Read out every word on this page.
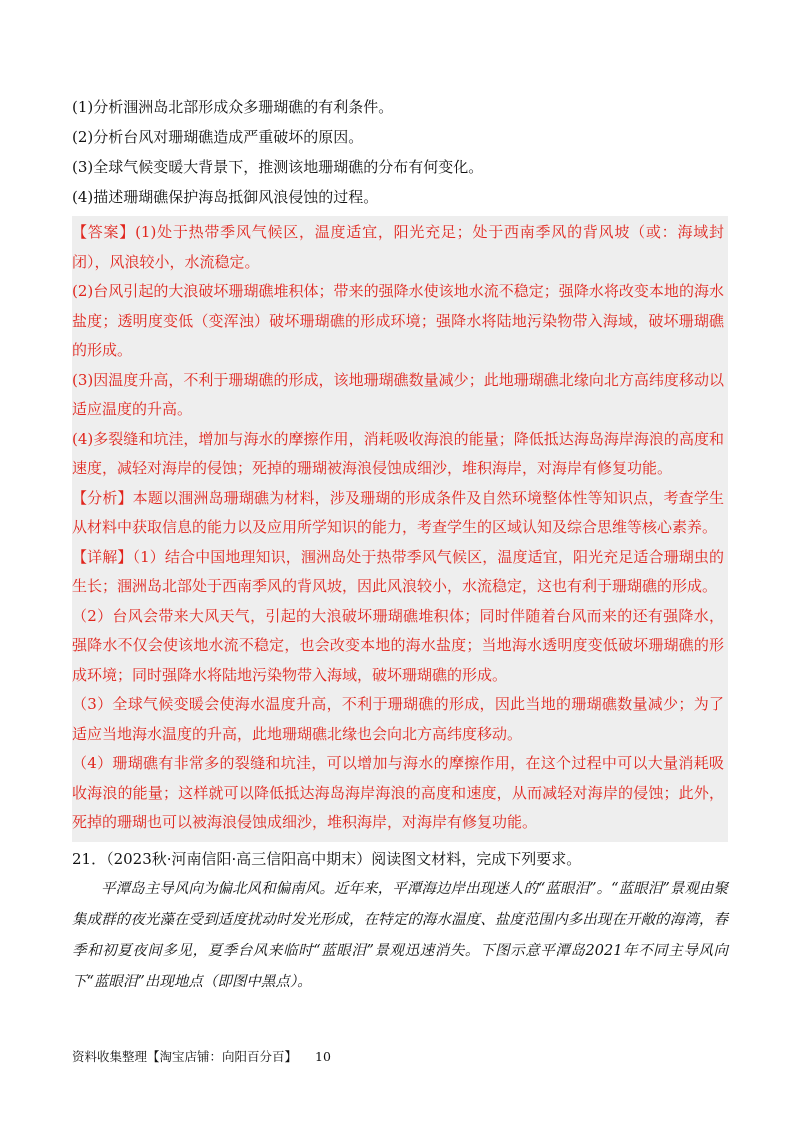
(1)分析涠洲岛北部形成众多珊瑚礁的有利条件。

(2)分析台风对珊瑚礁造成严重破坏的原因。

(3)全球气候变暖大背景下，推测该地珊瑚礁的分布有何变化。

(4)描述珊瑚礁保护海岛抵御风浪侵蚀的过程。

【答案】(1)处于热带季风气候区，温度适宜，阳光充足；处于西南季风的背风坡（或：海域封闭），风浪较小，水流稳定。

(2)台风引起的大浪破坏珊瑚礁堆积体；带来的强降水使该地水流不稳定；强降水将改变本地的海水盐度；透明度变低（变浑浊）破坏珊瑚礁的形成环境；强降水将陆地污染物带入海域，破坏珊瑚礁的形成。

(3)因温度升高，不利于珊瑚礁的形成，该地珊瑚礁数量减少；此地珊瑚礁北缘向北方高纬度移动以适应温度的升高。

(4)多裂缝和坑洼，增加与海水的摩擦作用，消耗吸收海浪的能量；降低抵达海岛海岸海浪的高度和速度，减轻对海岸的侵蚀；死掉的珊瑚被海浪侵蚀成细沙，堆积海岸，对海岸有修复功能。

【分析】本题以涠洲岛珊瑚礁为材料，涉及珊瑚的形成条件及自然环境整体性等知识点，考查学生从材料中获取信息的能力以及应用所学知识的能力，考查学生的区域认知及综合思维等核心素养。

【详解】（1）结合中国地理知识，涠洲岛处于热带季风气候区，温度适宜，阳光充足适合珊瑚虫的生长；涠洲岛北部处于西南季风的背风坡，因此风浪较小，水流稳定，这也有利于珊瑚礁的形成。

（2）台风会带来大风天气，引起的大浪破坏珊瑚礁堆积体；同时伴随着台风而来的还有强降水，强降水不仅会使该地水流不稳定，也会改变本地的海水盐度；当地海水透明度变低破坏珊瑚礁的形成环境；同时强降水将陆地污染物带入海域，破坏珊瑚礁的形成。

（3）全球气候变暖会使海水温度升高，不利于珊瑚礁的形成，因此当地的珊瑚礁数量减少；为了适应当地海水温度的升高，此地珊瑚礁北缘也会向北方高纬度移动。

（4）珊瑚礁有非常多的裂缝和坑洼，可以增加与海水的摩擦作用，在这个过程中可以大量消耗吸收海浪的能量；这样就可以降低抵达海岛海岸海浪的高度和速度，从而减轻对海岸的侵蚀；此外，死掉的珊瑚也可以被海浪侵蚀成细沙，堆积海岸，对海岸有修复功能。

21．（2023秋·河南信阳·高三信阳高中期末）阅读图文材料，完成下列要求。

平潭岛主导风向为偏北风和偏南风。近年来，平潭海边岸出现迷人的“蓝眼泪”。“蓝眼泪”景观由聚集成群的夜光藻在受到适度扰动时发光形成，在特定的海水温度、盐度范围内多出现在开敞的海湾，春季和初夏夜间多见，夏季台风来临时“蓝眼泪”景观迅速消失。下图示意平潭岛2021年不同主导风向下“蓝眼泪”出现地点（即图中黑点）。

资料收集整理【淘宝店铺：向阳百分百】 10
